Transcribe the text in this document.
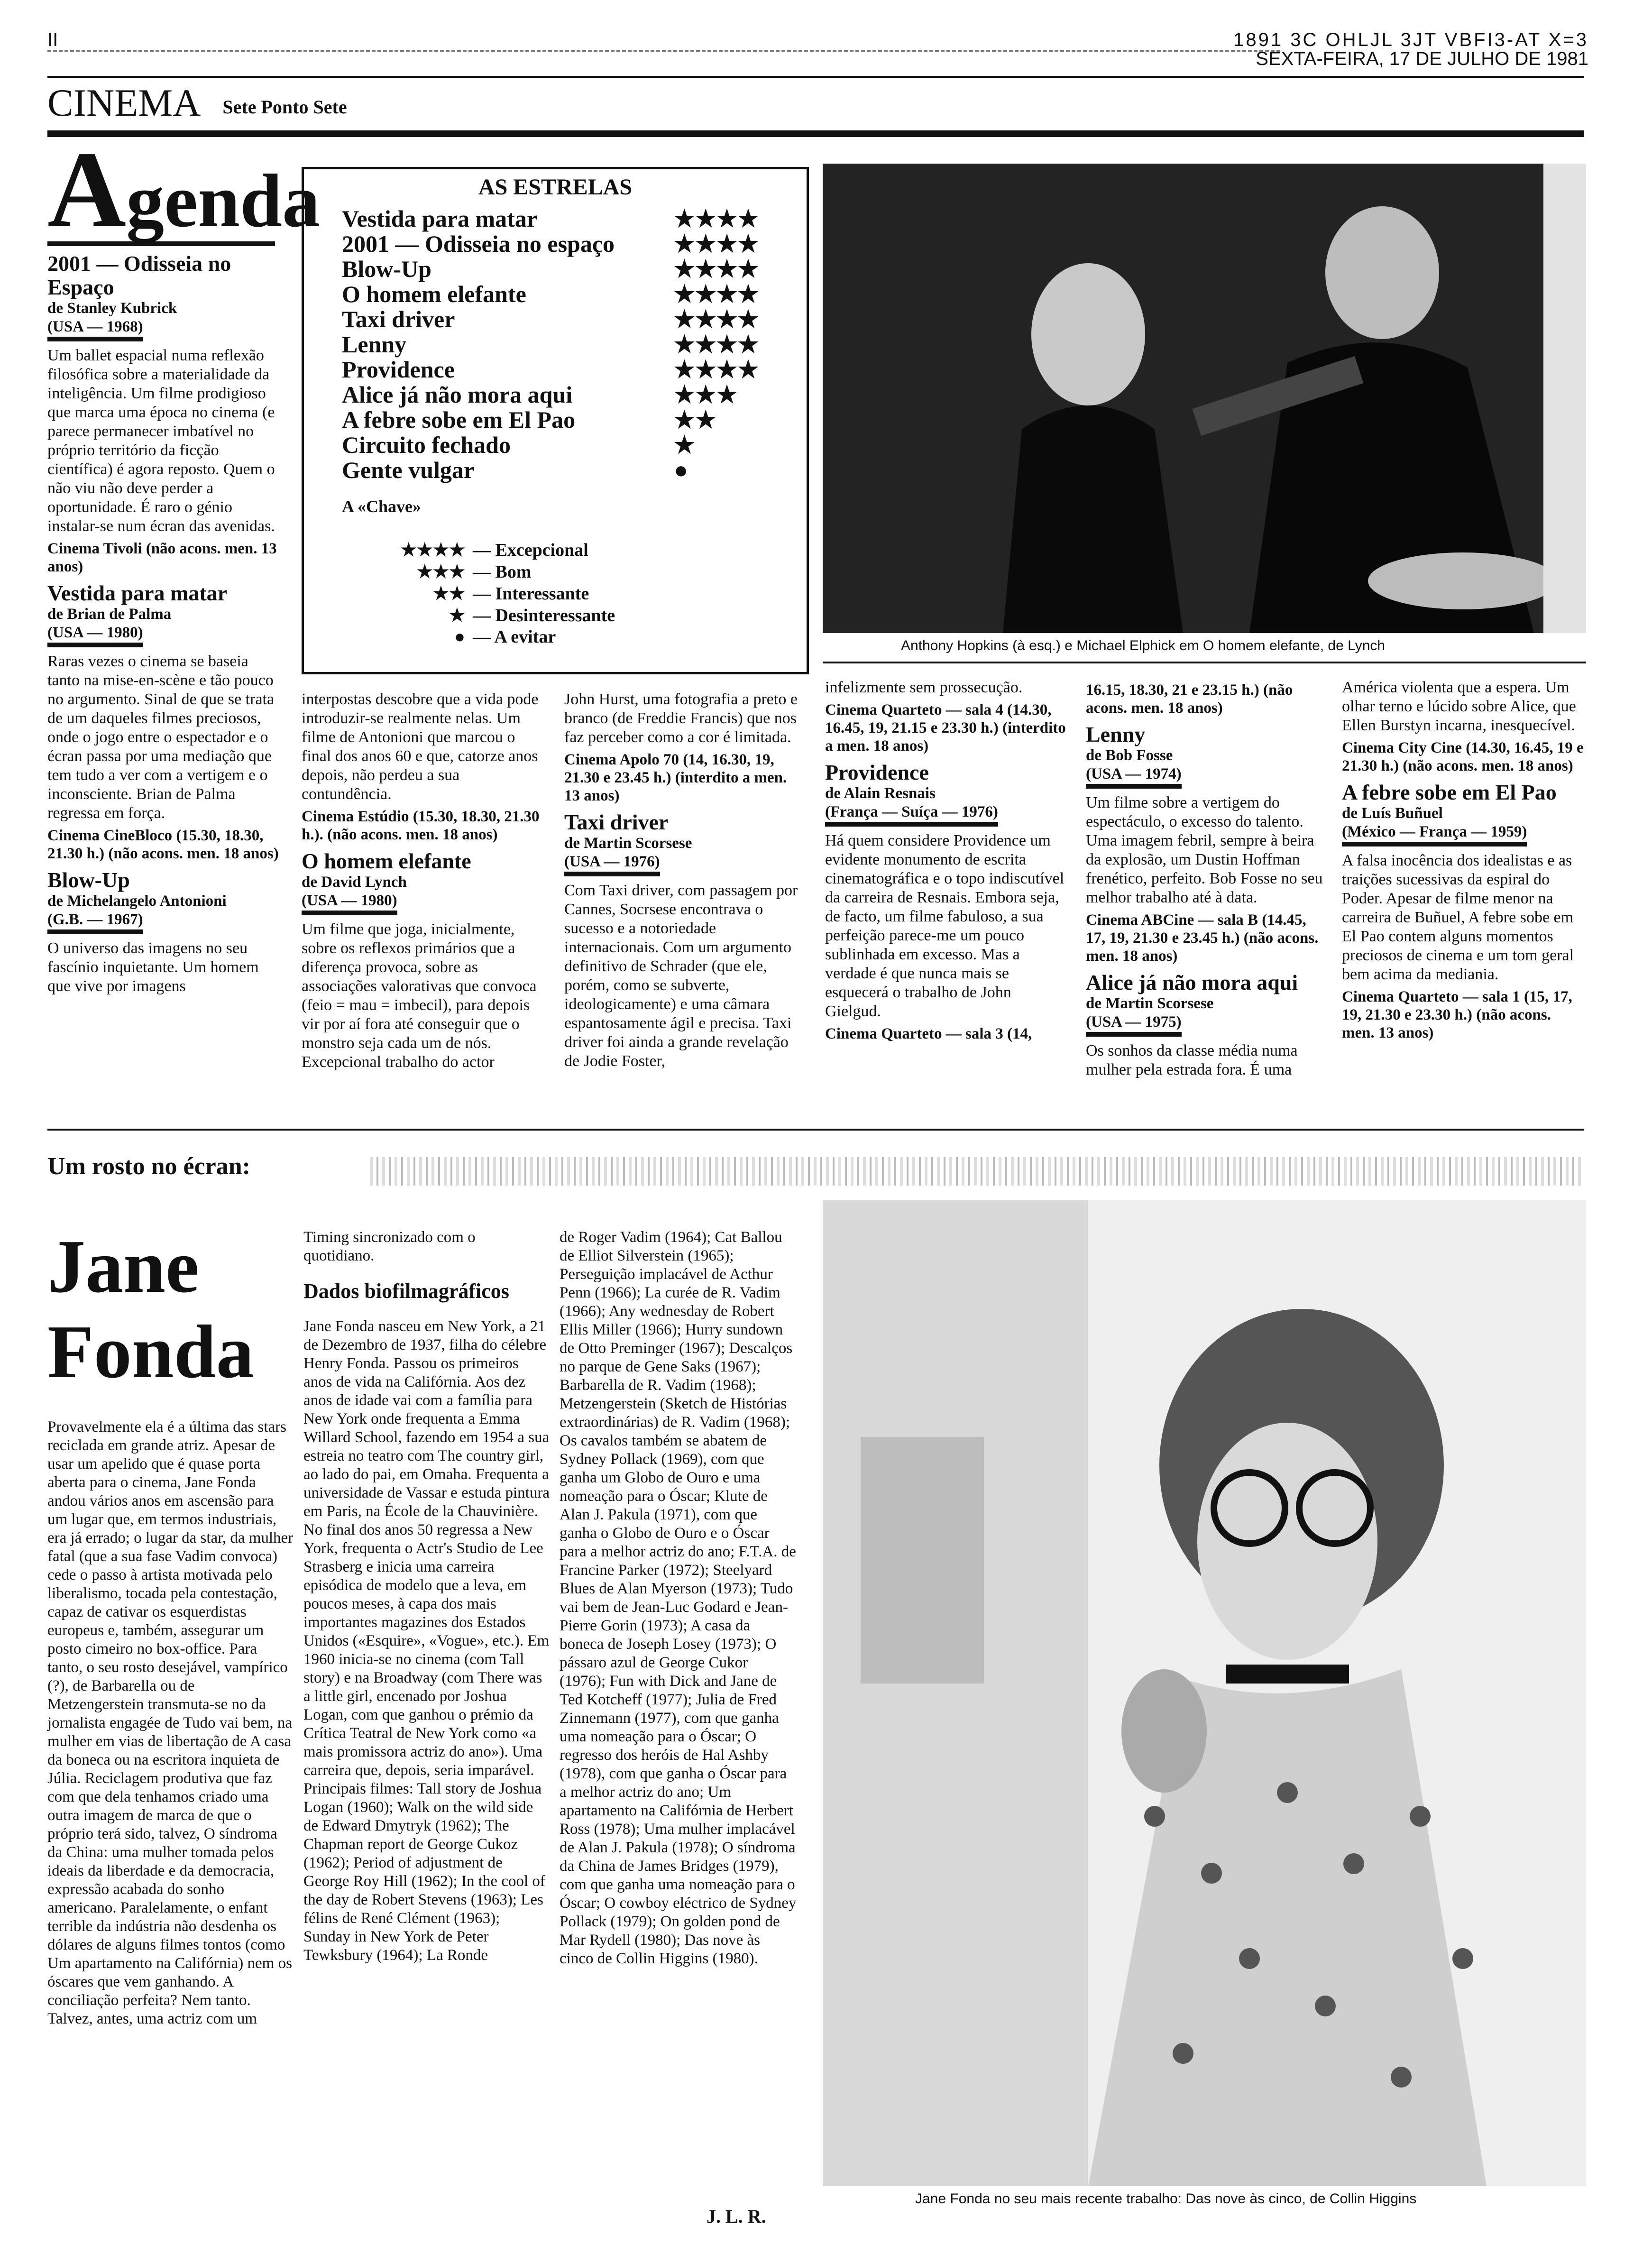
II	1891 3C OHLJL 3JT VBFI3-AT X=3
SEXTA-FEIRA, 17 DE JULHO DE 1981
CINEMA Sete Ponto Sete
Agenda
2001 — Odisseia no Espaço
de Stanley Kubrick
(USA — 1968)

Um ballet espacial numa reflexão filosófica sobre a materialidade da inteligência. Um filme prodigioso que marca uma época no cinema (e parece permanecer imbatível no próprio território da ficção científica) é agora reposto. Quem o não viu não deve perder a oportunidade. É raro o génio instalar-se num écran das avenidas.

Cinema Tivoli (não acons. men. 13 anos)
Vestida para matar
de Brian de Palma
(USA — 1980)

Raras vezes o cinema se baseia tanto na mise-en-scène e tão pouco no argumento. Sinal de que se trata de um daqueles filmes preciosos, onde o jogo entre o espectador e o écran passa por uma mediação que tem tudo a ver com a vertigem e o inconsciente. Brian de Palma regressa em força.

Cinema CineBloco (15.30, 18.30, 21.30 h.) (não acons. men. 18 anos)
Blow-Up
de Michelangelo Antonioni
(G.B. — 1967)

O universo das imagens no seu fascínio inquietante. Um homem que vive por imagens

AS ESTRELAS
Vestida para matar	★★★★
2001 — Odisseia no espaço ★★★★
Blow-Up	★★★★
O homem elefante	★★★★
Taxi driver	★★★★
Lenny	★★★★
Providence	★★★★
Alice já não mora aqui	★★★
A febre sobe em El Pao	★★
Circuito fechado	★
Gente vulgar	●
A «Chave»
★★★★ — Excepcional
★★★ — Bom
★★ — Interessante
★ — Desinteressante
● — A evitar	Anthony Hopkins (à esq.) e Michael Elphick em O homem elefante, de Lynch

interpostas descobre que a vida pode introduzir-se realmente nelas. Um filme de Antonioni que marcou o final dos anos 60 e que, catorze anos depois, não perdeu a sua contundência.

Cinema Estúdio (15.30, 18.30, 21.30 h.). (não acons. men. 18 anos)
O homem elefante
de David Lynch
(USA — 1980)

Um filme que joga, inicialmente, sobre os reflexos primários que a diferença provoca, sobre as associações valorativas que convoca (feio = mau = imbecil), para depois vir por aí fora até conseguir que o monstro seja cada um de nós. Excepcional trabalho do actor

John Hurst, uma fotografia a preto e branco (de Freddie Francis) que nos faz perceber como a cor é limitada.

Cinema Apolo 70 (14, 16.30, 19, 21.30 e 23.45 h.) (interdito a men. 13 anos)
Taxi driver
de Martin Scorsese
(USA — 1976)

Com Taxi driver, com passagem por Cannes, Socrsese encontrava o sucesso e a notoriedade internacionais. Com um argumento definitivo de Schrader (que ele, porém, como se subverte, ideologicamente) e uma câmara espantosamente ágil e precisa. Taxi driver foi ainda a grande revelação de Jodie Foster,

infelizmente sem prossecução.

Cinema Quarteto — sala 4 (14.30, 16.45, 19, 21.15 e 23.30 h.) (interdito a men. 18 anos)
Providence
de Alain Resnais
(França — Suíça — 1976)

Há quem considere Providence um evidente monumento de escrita cinematográfica e o topo indiscutível da carreira de Resnais. Embora seja, de facto, um filme fabuloso, a sua perfeição parece-me um pouco sublinhada em excesso. Mas a verdade é que nunca mais se esquecerá o trabalho de John Gielgud.

Cinema Quarteto — sala 3 (14,
16.15, 18.30, 21 e 23.15 h.) (não acons. men. 18 anos)
Lenny
de Bob Fosse
(USA — 1974)

Um filme sobre a vertigem do espectáculo, o excesso do talento. Uma imagem febril, sempre à beira da explosão, um Dustin Hoffman frenético, perfeito. Bob Fosse no seu melhor trabalho até à data.

Cinema ABCine — sala B (14.45, 17, 19, 21.30 e 23.45 h.) (não acons. men. 18 anos)
Alice já não mora aqui
de Martin Scorsese
(USA — 1975)

Os sonhos da classe média numa mulher pela estrada fora. É uma

América violenta que a espera. Um olhar terno e lúcido sobre Alice, que Ellen Burstyn incarna, inesquecível.

Cinema City Cine (14.30, 16.45, 19 e 21.30 h.) (não acons. men. 18 anos)
A febre sobe em El Pao
de Luís Buñuel
(México — França — 1959)

A falsa inocência dos idealistas e as traições sucessivas da espiral do Poder. Apesar de filme menor na carreira de Buñuel, A febre sobe em El Pao contem alguns momentos preciosos de cinema e um tom geral bem acima da mediania.

Cinema Quarteto — sala 1 (15, 17, 19, 21.30 e 23.30 h.) (não acons. men. 13 anos)
Um rosto no écran:
Jane
Fonda

Provavelmente ela é a última das stars reciclada em grande atriz. Apesar de usar um apelido que é quase porta aberta para o cinema, Jane Fonda andou vários anos em ascensão para um lugar que, em termos industriais, era já errado; o lugar da star, da mulher fatal (que a sua fase Vadim convoca) cede o passo à artista motivada pelo liberalismo, tocada pela contestação, capaz de cativar os esquerdistas europeus e, também, assegurar um posto cimeiro no box-office. Para tanto, o seu rosto desejável, vampírico (?), de Barbarella ou de Metzengerstein transmuta-se no da jornalista engagée de Tudo vai bem, na mulher em vias de libertação de A casa da boneca ou na escritora inquieta de Júlia. Reciclagem produtiva que faz com que dela tenhamos criado uma outra imagem de marca de que o próprio terá sido, talvez, O síndroma da China: uma mulher tomada pelos ideais da liberdade e da democracia, expressão acabada do sonho americano. Paralelamente, o enfant terrible da indústria não desdenha os dólares de alguns filmes tontos (como Um apartamento na Califórnia) nem os óscares que vem ganhando. A conciliação perfeita? Nem tanto. Talvez, antes, uma actriz com um

Timing sincronizado com o quotidiano.

Dados biofilmagráficos

Jane Fonda nasceu em New York, a 21 de Dezembro de 1937, filha do célebre Henry Fonda. Passou os primeiros anos de vida na Califórnia. Aos dez anos de idade vai com a família para New York onde frequenta a Emma Willard School, fazendo em 1954 a sua estreia no teatro com The country girl, ao lado do pai, em Omaha. Frequenta a universidade de Vassar e estuda pintura em Paris, na École de la Chauvinière. No final dos anos 50 regressa a New York, frequenta o Actr's Studio de Lee Strasberg e inicia uma carreira episódica de modelo que a leva, em poucos meses, à capa dos mais importantes magazines dos Estados Unidos («Esquire», «Vogue», etc.). Em 1960 inicia-se no cinema (com Tall story) e na Broadway (com There was a little girl, encenado por Joshua Logan, com que ganhou o prémio da Crítica Teatral de New York como «a mais promissora actriz do ano»). Uma carreira que, depois, seria imparável. Principais filmes: Tall story de Joshua Logan (1960); Walk on the wild side de Edward Dmytryk (1962); The Chapman report de George Cukoz (1962); Period of adjustment de George Roy Hill (1962); In the cool of the day de Robert Stevens (1963); Les félins de René Clément (1963); Sunday in New York de Peter Tewksbury (1964); La Ronde

de Roger Vadim (1964); Cat Ballou de Elliot Silverstein (1965); Perseguição implacável de Acthur Penn (1966); La curée de R. Vadim (1966); Any wednesday de Robert Ellis Miller (1966); Hurry sundown de Otto Preminger (1967); Descalços no parque de Gene Saks (1967); Barbarella de R. Vadim (1968); Metzengerstein (Sketch de Histórias extraordinárias) de R. Vadim (1968); Os cavalos também se abatem de Sydney Pollack (1969), com que ganha um Globo de Ouro e uma nomeação para o Óscar; Klute de Alan J. Pakula (1971), com que ganha o Globo de Ouro e o Óscar para a melhor actriz do ano; F.T.A. de Francine Parker (1972); Steelyard Blues de Alan Myerson (1973); Tudo vai bem de Jean-Luc Godard e Jean-Pierre Gorin (1973); A casa da boneca de Joseph Losey (1973); O pássaro azul de George Cukor (1976); Fun with Dick and Jane de Ted Kotcheff (1977); Julia de Fred Zinnemann (1977), com que ganha uma nomeação para o Óscar; O regresso dos heróis de Hal Ashby (1978), com que ganha o Óscar para a melhor actriz do ano; Um apartamento na Califórnia de Herbert Ross (1978); Uma mulher implacável de Alan J. Pakula (1978); O síndroma da China de James Bridges (1979), com que ganha uma nomeação para o Óscar; O cowboy eléctrico de Sydney Pollack (1979); On golden pond de Mar Rydell (1980); Das nove às cinco de Collin Higgins (1980).

J. L. R.
Jane Fonda no seu mais recente trabalho: Das nove às cinco, de Collin Higgins
